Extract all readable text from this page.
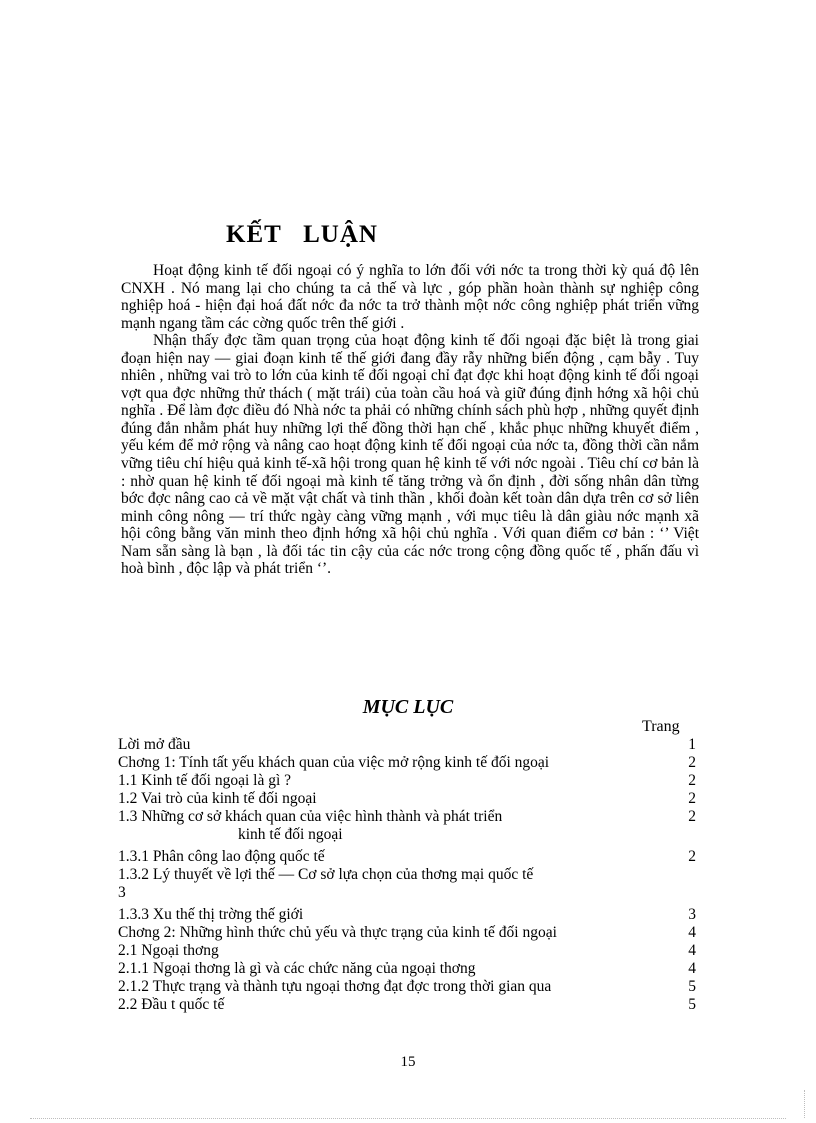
KẾT   LUẬN

Hoạt động kinh tế đối ngoại có ý nghĩa to lớn đối với nớc ta trong thời kỳ quá độ lên CNXH . Nó mang lại cho chúng ta cả thế và lực , góp phần hoàn thành sự nghiệp công nghiệp hoá - hiện đại hoá đất nớc đa nớc ta trở thành một nớc công nghiệp phát triển vững mạnh ngang tầm các cờng quốc trên thế giới .

Nhận thấy đợc tầm quan trọng của hoạt động kinh tế đối ngoại đặc biệt là trong giai đoạn hiện nay — giai đoạn kinh tế thế giới đang đầy rẫy những biến động , cạm bẫy . Tuy nhiên , những vai trò to lớn của kinh tế đối ngoại chỉ đạt đợc khi hoạt động kinh tế đối ngoại vợt qua đợc những thử thách ( mặt trái) của toàn cầu hoá và giữ đúng định hớng xã hội chủ nghĩa . Để làm đợc điều đó Nhà nớc ta phải có những chính sách phù hợp , những quyết định đúng đắn nhằm phát huy những lợi thế đồng thời hạn chế , khắc phục những khuyết điểm , yếu kém để mở rộng và nâng cao hoạt động kinh tế đối ngoại của nớc ta, đồng thời cần nắm vững tiêu chí hiệu quả kinh tế-xã hội trong quan hệ kinh tế với nớc ngoài . Tiêu chí cơ bản là : nhờ quan hệ kinh tế đối ngoại mà kinh tế tăng trởng và ổn định , đời sống nhân dân từng bớc đợc nâng cao cả về mặt vật chất và tinh thần , khối đoàn kết toàn dân dựa trên cơ sở liên minh công nông — trí thức ngày càng vững mạnh , với mục tiêu là dân giàu nớc mạnh xã hội công bằng văn minh theo định hớng xã hội chủ nghĩa . Với quan điểm cơ bản : ‘’ Việt Nam sẵn sàng là bạn , là đối tác tin cậy của các nớc trong cộng đồng quốc tế , phấn đấu vì hoà bình , độc lập và phát triển ‘’.

MỤC LỤC
Trang
Lời mở đầu	1
Chơng 1: Tính tất yếu khách quan của việc mở rộng kinh tế đối ngoại	2
1.1 Kinh tế đối ngoại là gì ?	2
1.2 Vai trò của kinh tế đối ngoại	2
1.3 Những cơ sở khách quan của việc hình thành và phát triển	2
kinh tế đối ngoại
1.3.1 Phân công lao động quốc tế	2
1.3.2 Lý thuyết về lợi thế — Cơ sở lựa chọn của thơng mại quốc tế
3
1.3.3 Xu thế thị trờng thế giới	3
Chơng 2: Những hình thức chủ yếu và thực trạng của kinh tế đối ngoại	4
2.1 Ngoại thơng	4
2.1.1 Ngoại thơng là gì và các chức năng của ngoại thơng	4
2.1.2 Thực trạng và thành tựu ngoại thơng đạt đợc trong thời gian qua	5
2.2 Đầu t quốc tế	5
15
